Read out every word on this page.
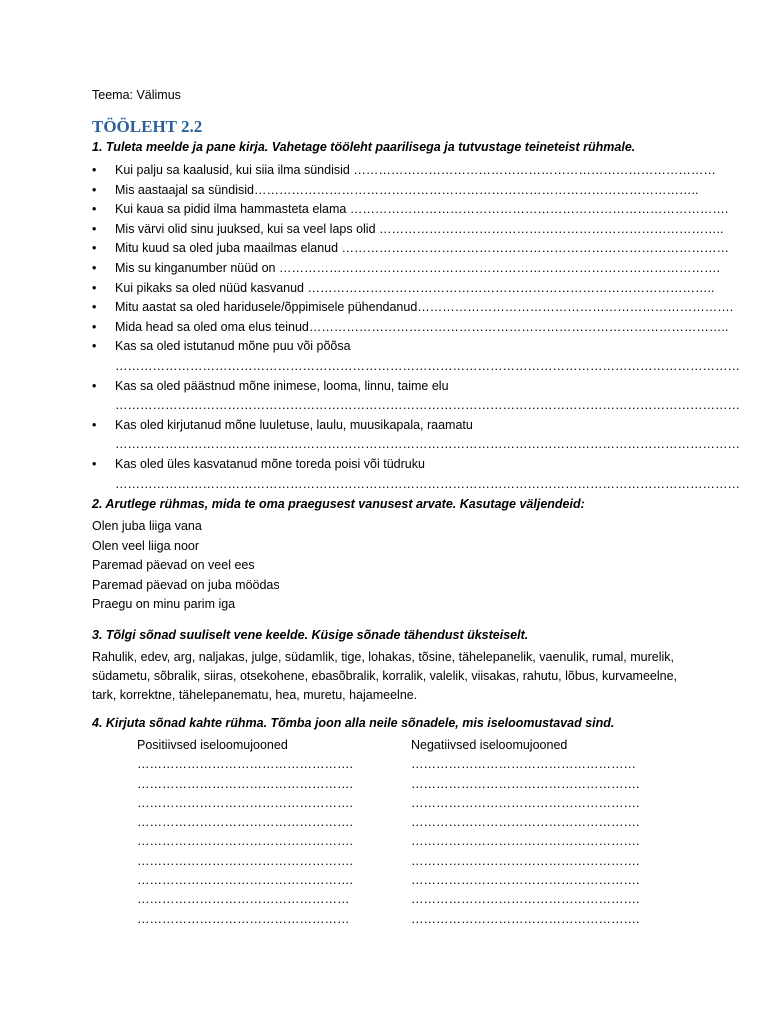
Teema: Välimus
TÖÖLEHT 2.2
1. Tuleta meelde ja pane kirja. Vahetage tööleht paarilisega ja tutvustage teineteist rühmale.
• Kui palju sa kaalusid, kui siia ilma sündisid ……………………………………………………………………………
• Mis aastaajal sa sündisid……………………………………………………………………………………………..
• Kui kaua sa pidid ilma hammasteta elama ……………………………………………………………………………….
• Mis värvi olid sinu juuksed, kui sa veel laps olid ………………………………………………………………………..
• Mitu kuud sa oled juba maailmas elanud …………………………………………………………………………………
• Mis su kinganumber nüüd on …………………………………………………………………………………………….
• Kui pikaks sa oled nüüd kasvanud ……………………………………………………………………………………..
• Mitu aastat sa oled haridusele/õppimisele pühendanud………………………………………………………………….
• Mida head sa oled oma elus teinud………………………………………………………………………………………..
• Kas sa oled istutanud mõne puu või põõsa
……………………………………………………………………………………………………………………………………
• Kas sa oled päästnud mõne inimese, looma, linnu, taime elu
……………………………………………………………………………………………………………………………………
• Kas oled kirjutanud mõne luuletuse, laulu, muusikapala, raamatu
……………………………………………………………………………………………………………………………………
• Kas oled üles kasvatanud mõne toreda poisi või tüdruku
……………………………………………………………………………………………………………………………………
2. Arutlege rühmas, mida te oma praegusest vanusest arvate. Kasutage väljendeid:
Olen juba liiga vana
Olen veel liiga noor
Paremad päevad on veel ees
Paremad päevad on juba möödas
Praegu on minu parim iga
3. Tõlgi sõnad suuliselt vene keelde. Küsige sõnade tähendust üksteiselt.
Rahulik, edev, arg, naljakas, julge, südamlik, tige, lohakas, tõsine, tähelepanelik, vaenulik, rumal, murelik, südametu, sõbralik, siiras, otsekohene, ebasõbralik, korralik, valelik, viisakas, rahutu, lõbus, kurvameelne, tark, korrektne, tähelepanematu, hea, muretu, hajameelne.
4. Kirjuta sõnad kahte rühma. Tõmba joon alla neile sõnadele, mis iseloomustavad sind.
Positiivsed iseloomujooned
…………………………………………….
…………………………………………….
…………………………………………….
…………………………………………….
…………………………………………….
…………………………………………….
…………………………………………….
……………………………………………
……………………………………………
Negatiivsed iseloomujooned
………………………………………………
……………………………………………….
……………………………………………….
……………………………………………….
……………………………………………….
……………………………………………….
……………………………………………….
……………………………………………….
……………………………………………….
